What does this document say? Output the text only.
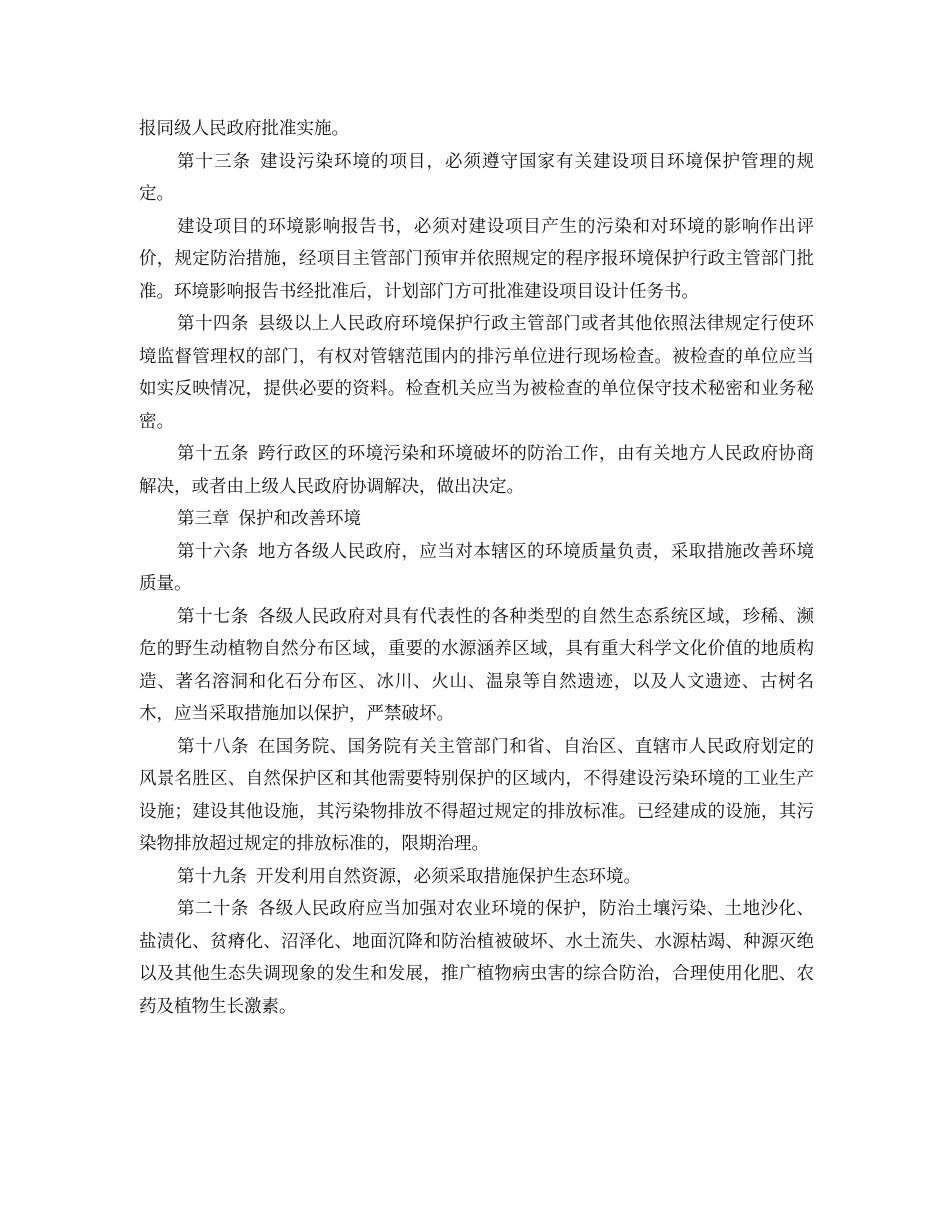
报同级人民政府批准实施。

第十三条 建设污染环境的项目，必须遵守国家有关建设项目环境保护管理的规定。

建设项目的环境影响报告书，必须对建设项目产生的污染和对环境的影响作出评价，规定防治措施，经项目主管部门预审并依照规定的程序报环境保护行政主管部门批准。环境影响报告书经批准后，计划部门方可批准建设项目设计任务书。

第十四条 县级以上人民政府环境保护行政主管部门或者其他依照法律规定行使环境监督管理权的部门，有权对管辖范围内的排污单位进行现场检查。被检查的单位应当如实反映情况，提供必要的资料。检查机关应当为被检查的单位保守技术秘密和业务秘密。

第十五条 跨行政区的环境污染和环境破坏的防治工作，由有关地方人民政府协商解决，或者由上级人民政府协调解决，做出决定。

第三章 保护和改善环境

第十六条 地方各级人民政府，应当对本辖区的环境质量负责，采取措施改善环境质量。

第十七条 各级人民政府对具有代表性的各种类型的自然生态系统区域，珍稀、濒危的野生动植物自然分布区域，重要的水源涵养区域，具有重大科学文化价值的地质构造、著名溶洞和化石分布区、冰川、火山、温泉等自然遗迹，以及人文遗迹、古树名木，应当采取措施加以保护，严禁破坏。

第十八条 在国务院、国务院有关主管部门和省、自治区、直辖市人民政府划定的风景名胜区、自然保护区和其他需要特别保护的区域内，不得建设污染环境的工业生产设施；建设其他设施，其污染物排放不得超过规定的排放标准。已经建成的设施，其污染物排放超过规定的排放标准的，限期治理。

第十九条 开发利用自然资源，必须采取措施保护生态环境。

第二十条 各级人民政府应当加强对农业环境的保护，防治土壤污染、土地沙化、盐渍化、贫瘠化、沼泽化、地面沉降和防治植被破坏、水土流失、水源枯竭、种源灭绝以及其他生态失调现象的发生和发展，推广植物病虫害的综合防治，合理使用化肥、农药及植物生长激素。
